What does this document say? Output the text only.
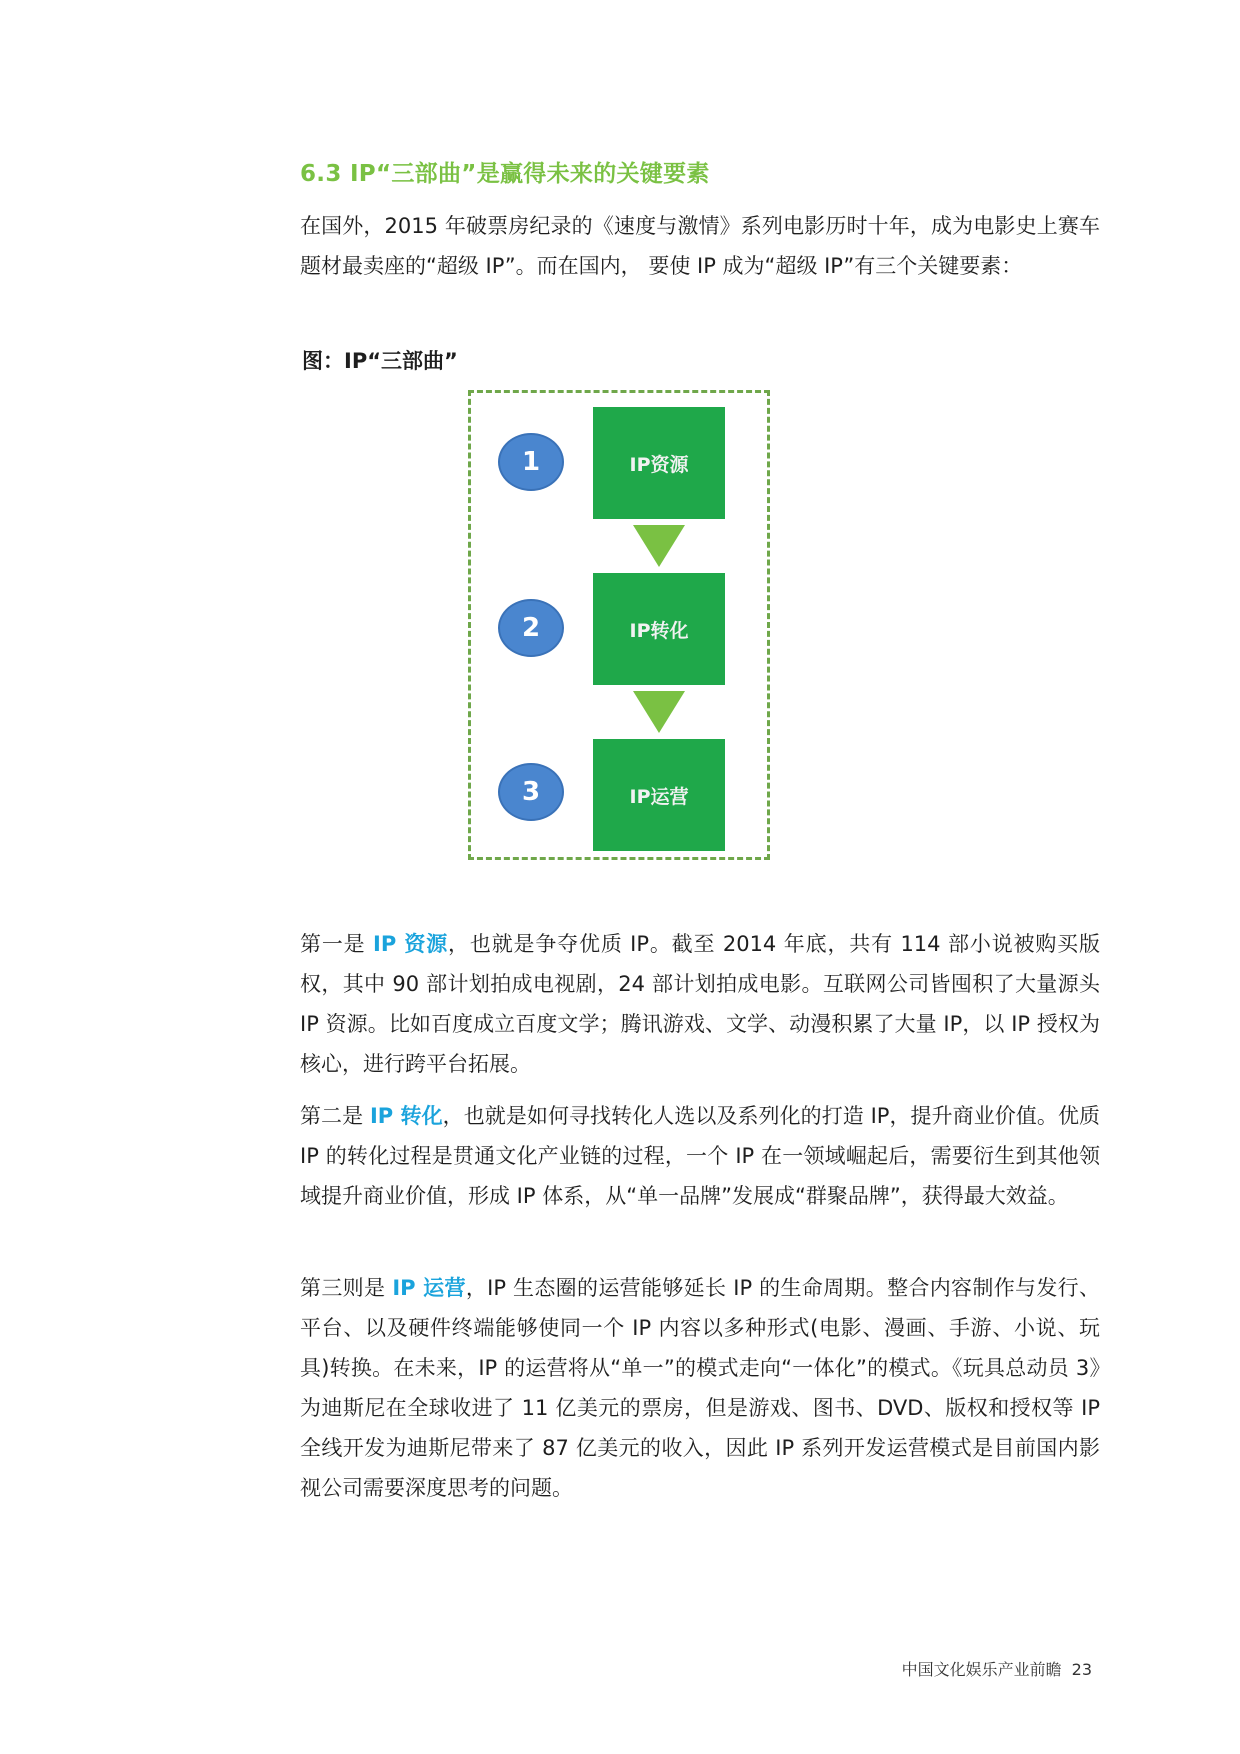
6.3 IP“三部曲”是赢得未来的关键要素

在国外，2015 年破票房纪录的《速度与激情》系列电影历时十年，成为电影史上赛车题材最卖座的“超级 IP”。而在国内， 要使 IP 成为“超级 IP”有三个关键要素：

图：IP“三部曲”

1	IP资源
2	IP转化
3	IP运营

第一是 IP 资源，也就是争夺优质 IP。截至 2014 年底，共有 114 部小说被购买版权，其中 90 部计划拍成电视剧，24 部计划拍成电影。互联网公司皆囤积了大量源头 IP 资源。比如百度成立百度文学；腾讯游戏、文学、动漫积累了大量 IP，以 IP 授权为核心，进行跨平台拓展。

第二是 IP 转化，也就是如何寻找转化人选以及系列化的打造 IP，提升商业价值。优质 IP 的转化过程是贯通文化产业链的过程，一个 IP 在一领域崛起后，需要衍生到其他领域提升商业价值，形成 IP 体系，从“单一品牌”发展成“群聚品牌”，获得最大效益。

第三则是 IP 运营，IP 生态圈的运营能够延长 IP 的生命周期。整合内容制作与发行、平台、以及硬件终端能够使同一个 IP 内容以多种形式(电影、漫画、手游、小说、玩具)转换。在未来，IP 的运营将从“单一”的模式走向“一体化”的模式。《玩具总动员 3》为迪斯尼在全球收进了 11 亿美元的票房，但是游戏、图书、DVD、版权和授权等 IP 全线开发为迪斯尼带来了 87 亿美元的收入，因此 IP 系列开发运营模式是目前国内影视公司需要深度思考的问题。

中国文化娱乐产业前瞻 23
